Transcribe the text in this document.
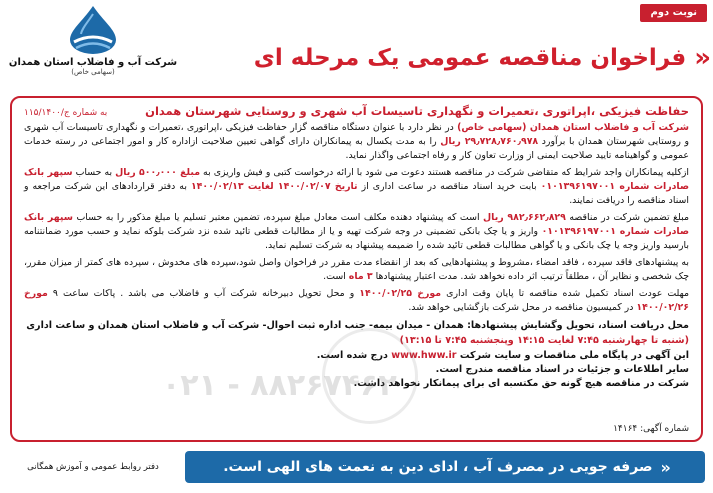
شرکت آب و فاضلاب استان همدان
(سهامی خاص)
نوبت دوم
«
فراخوان مناقصه عمومی یک مرحله ای
۰۲۱ - ۸۸۲۶۷۴۶۲
حفاظت فیزیکی ،اپراتوری ،تعمیرات و نگهداری تاسیسات آب شهری و روستایی شهرستان همدان
به شماره ج/۱۱۵/۱۴۰۰

شرکت آب و فاضلاب استان همدان (سهامی خاص) در نظر دارد با عنوان دستگاه مناقصه گزار حفاظت فیزیکی ،اپراتوری ،تعمیرات و نگهداری تاسیسات آب شهری و روستایی شهرستان همدان با برآورد ۲۹٫۷۲۸٫۷۶۰٫۹۷۸ ریال را به مدت یکسال به پیمانکاران دارای گواهی تعیین صلاحیت ازاداره کار و امور اجتماعی در رسته خدمات عمومی و گواهینامه تایید صلاحیت ایمنی از وزارت تعاون کار و رفاه اجتماعی واگذار نماید.

ازکلیه پیمانکاران واجد شرایط که متقاضی شرکت در مناقصه هستند دعوت می شود با ارائه درخواست کتبی و فیش واریزی به مبلغ ۵۰۰٫۰۰۰ ریال به حساب سپهر بانک صادرات شماره ۰۱۰۱۳۹۶۱۹۷۰۰۱ بابت خرید اسناد مناقصه در ساعت اداری از تاریخ ۱۴۰۰/۰۲/۰۷ لغایت ۱۴۰۰/۰۲/۱۳ به دفتر قراردادهای این شرکت مراجعه و اسناد مناقصه را دریافت نمایند.

مبلغ تضمین شرکت در مناقصه ۹۸۲٫۶۶۲٫۸۲۹ ریال است که پیشنهاد دهنده مکلف است معادل مبلغ سپرده، تضمین معتبر تسلیم یا مبلغ مذکور را به حساب سپهر بانک صادرات شماره ۰۱۰۱۳۹۶۱۹۷۰۰۱ واریز و یا چک بانکی تضمینی در وجه شرکت تهیه و یا از مطالبات قطعی تائید شده نزد شرکت بلوکه نماید و حسب مورد ضمانتنامه بارسید واریز وجه یا چک بانکی و یا گواهی مطالبات قطعی تائید شده را ضمیمه پیشنهاد به شرکت تسلیم نماید.

به پیشنهادهای فاقد سپرده ، فاقد امضاء ،مشروط و پیشنهادهایی که بعد از انقضاء مدت مقرر در فراخوان واصل شود،سپرده های مخدوش ، سپرده های کمتر از میزان مقرر، چک شخصی و نظایر آن ، مطلقاً ترتیب اثر داده نخواهد شد. مدت اعتبار پیشنهادها ۳ ماه است.

مهلت عودت اسناد تکمیل شده مناقصه تا پایان وقت اداری مورخ ۱۴۰۰/۰۲/۲۵ و محل تحویل دبیرخانه شرکت آب و فاضلاب می باشد . پاکات ساعت ۹ مورخ ۱۴۰۰/۰۲/۲۶ در کمیسیون مناقصه در محل شرکت بازگشایی خواهد شد.

محل دریافت اسناد، تحویل وگشایش پیشنهادها: همدان - میدان بیمه- جنب اداره ثبت احوال- شرکت آب و فاضلاب استان همدان و ساعت اداری
(شنبه تا چهارشنبه ۷:۴۵ لغایت ۱۴:۱۵ وپنجشنبه ۷:۴۵ تا ۱۳:۱۵)
این آگهی در پایگاه ملی مناقصات و سایت شرکت www.hww.ir درج شده است.
سایر اطلاعات و جزئیات در اسناد مناقصه مندرج است.
شرکت در مناقصه هیچ گونه حق مکتسبه ای برای پیمانکار نخواهد داشت.
شماره آگهی: ۱۴۱۶۴
«
صرفه جویی در مصرف آب ، ادای دین به نعمت های الهی است.
دفتر روابط عمومی و آموزش همگانی
